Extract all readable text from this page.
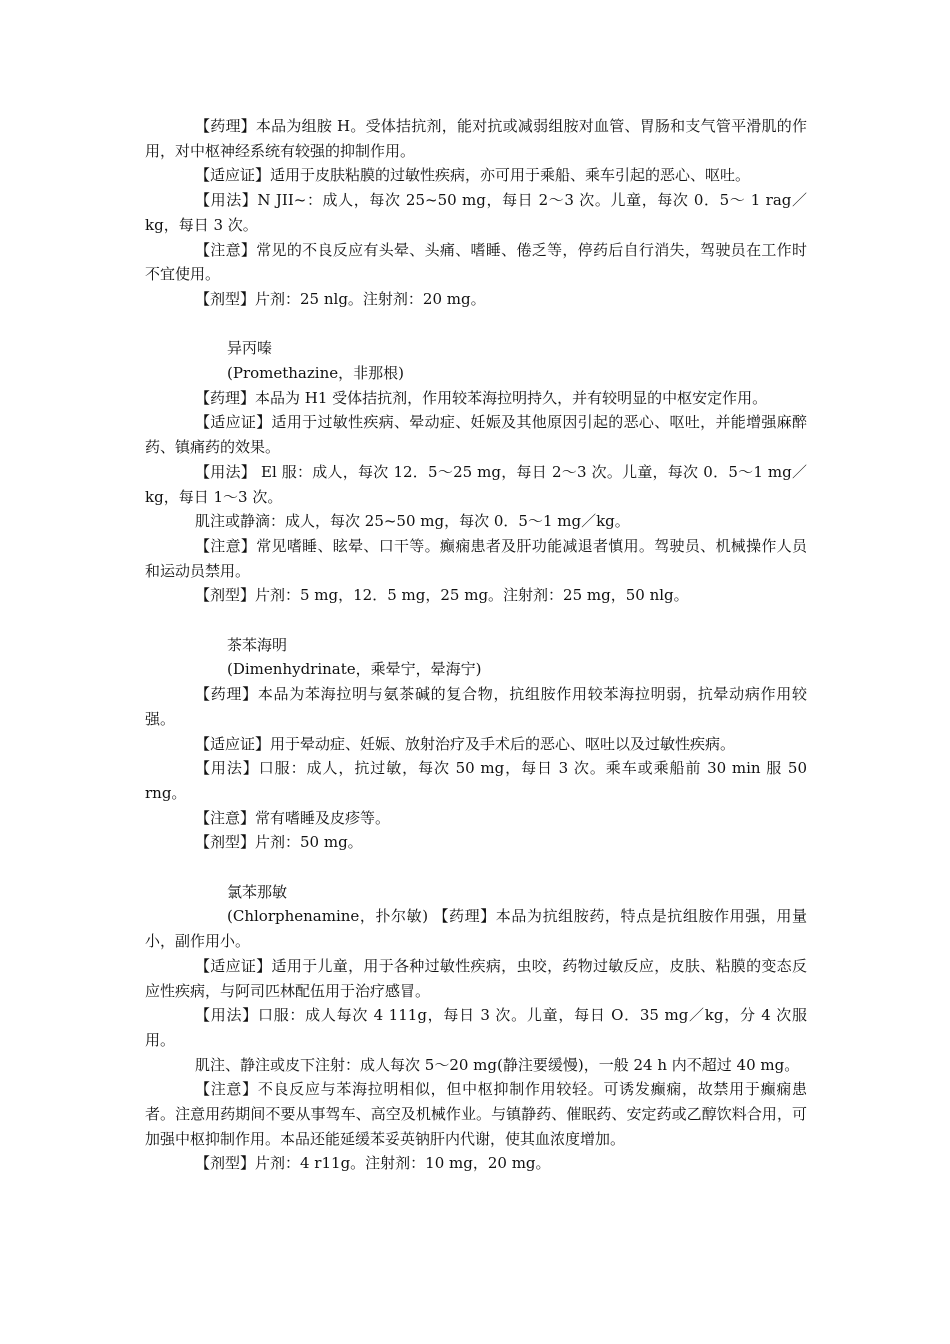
【药理】本品为组胺 H。受体拮抗剂，能对抗或减弱组胺对血管、胃肠和支气管平滑肌的作用，对中枢神经系统有较强的抑制作用。

【适应证】适用于皮肤粘膜的过敏性疾病，亦可用于乘船、乘车引起的恶心、呕吐。

【用法】N JII~：成人，每次 25~50 mg，每日 2～3 次。儿童，每次 0．5～ 1 rag／kg，每日 3 次。

【注意】常见的不良反应有头晕、头痛、嗜睡、倦乏等，停药后自行消失，驾驶员在工作时不宜使用。

【剂型】片剂：25 nlg。注射剂：20 mg。

异丙嗪

(Promethazine，非那根)

【药理】本品为 H1 受体拮抗剂，作用较苯海拉明持久，并有较明显的中枢安定作用。

【适应证】适用于过敏性疾病、晕动症、妊娠及其他原因引起的恶心、呕吐，并能增强麻醉药、镇痛药的效果。

【用法】 El 服：成人，每次 12．5～25 mg，每日 2～3 次。儿童，每次 0．5～1 mg／kg，每日 1～3 次。

肌注或静滴：成人，每次 25~50 mg，每次 0．5～1 mg／kg。

【注意】常见嗜睡、眩晕、口干等。癫痫患者及肝功能减退者慎用。驾驶员、机械操作人员和运动员禁用。

【剂型】片剂：5 mg，12．5 mg，25 mg。注射剂：25 mg，50 nlg。

茶苯海明

(Dimenhydrinate，乘晕宁，晕海宁)

【药理】本品为苯海拉明与氨茶碱的复合物，抗组胺作用较苯海拉明弱，抗晕动病作用较强。

【适应证】用于晕动症、妊娠、放射治疗及手术后的恶心、呕吐以及过敏性疾病。

【用法】口服：成人，抗过敏，每次 50 mg，每日 3 次。乘车或乘船前 30 min 服 50 rng。

【注意】常有嗜睡及皮疹等。

【剂型】片剂：50 mg。

氯苯那敏

(Chlorphenamine，扑尔敏) 【药理】本品为抗组胺药，特点是抗组胺作用强，用量小，副作用小。

【适应证】适用于儿童，用于各种过敏性疾病，虫咬，药物过敏反应，皮肤、粘膜的变态反应性疾病，与阿司匹林配伍用于治疗感冒。

【用法】口服：成人每次 4 111g，每日 3 次。儿童，每日 O．35 mg／kg，分 4 次服用。

肌注、静注或皮下注射：成人每次 5～20 mg(静注要缓慢)，一般 24 h 内不超过 40 mg。

【注意】不良反应与苯海拉明相似，但中枢抑制作用较轻。可诱发癫痫，故禁用于癫痫患者。注意用药期间不要从事驾车、高空及机械作业。与镇静药、催眠药、安定药或乙醇饮料合用，可加强中枢抑制作用。本品还能延缓苯妥英钠肝内代谢，使其血浓度增加。

【剂型】片剂：4 r11g。注射剂：10 mg，20 mg。
